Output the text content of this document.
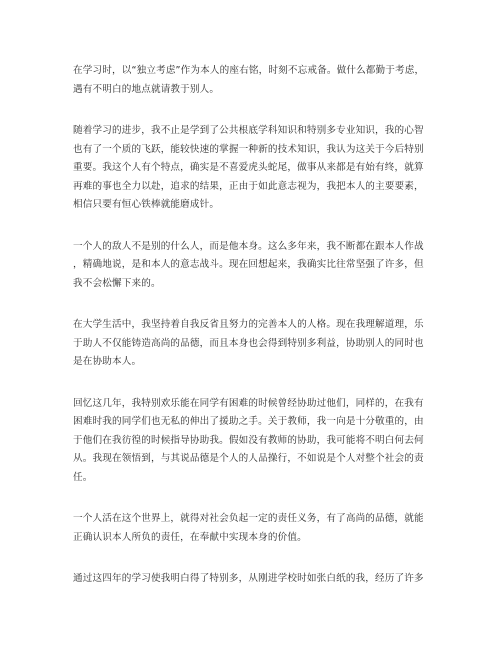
在学习时，以“独立考虑”作为本人的座右铭，时刻不忘戒备。做什么都勤于考虑，
遇有不明白的地点就请教于别人。

随着学习的进步，我不止是学到了公共根底学科知识和特别多专业知识，我的心智
也有了一个质的飞跃，能较快速的掌握一种新的技术知识，我认为这关于今后特别
重要。我这个人有个特点，确实是不喜爱虎头蛇尾，做事从来都是有始有终，就算
再难的事也全力以赴，追求的结果，正由于如此意志视为，我把本人的主要要素，
相信只要有恒心铁棒就能磨成针。

一个人的敌人不是别的什么人，而是他本身。这么多年来，我不断都在跟本人作战
，精确地说，是和本人的意志战斗。现在回想起来，我确实比往常坚强了许多，但
我不会松懈下来的。

在大学生活中，我坚持着自我反省且努力的完善本人的人格。现在我理解道理，乐
于助人不仅能铸造高尚的品德，而且本身也会得到特别多利益，协助别人的同时也
是在协助本人。

回忆这几年，我特别欢乐能在同学有困难的时候曾经协助过他们，同样的，在我有
困难时我的同学们也无私的伸出了援助之手。关于教师，我一向是十分敬重的，由
于他们在我彷徨的时候指导协助我。假如没有教师的协助，我可能将不明白何去何
从。我现在领悟到，与其说品德是个人的人品操行，不如说是个人对整个社会的责
任。

一个人活在这个世界上，就得对社会负起一定的责任义务，有了高尚的品德，就能
正确认识本人所负的责任，在奉献中实现本身的价值。

通过这四年的学习使我明白得了特别多，从刚进学校时如张白纸的我，经历了许多
